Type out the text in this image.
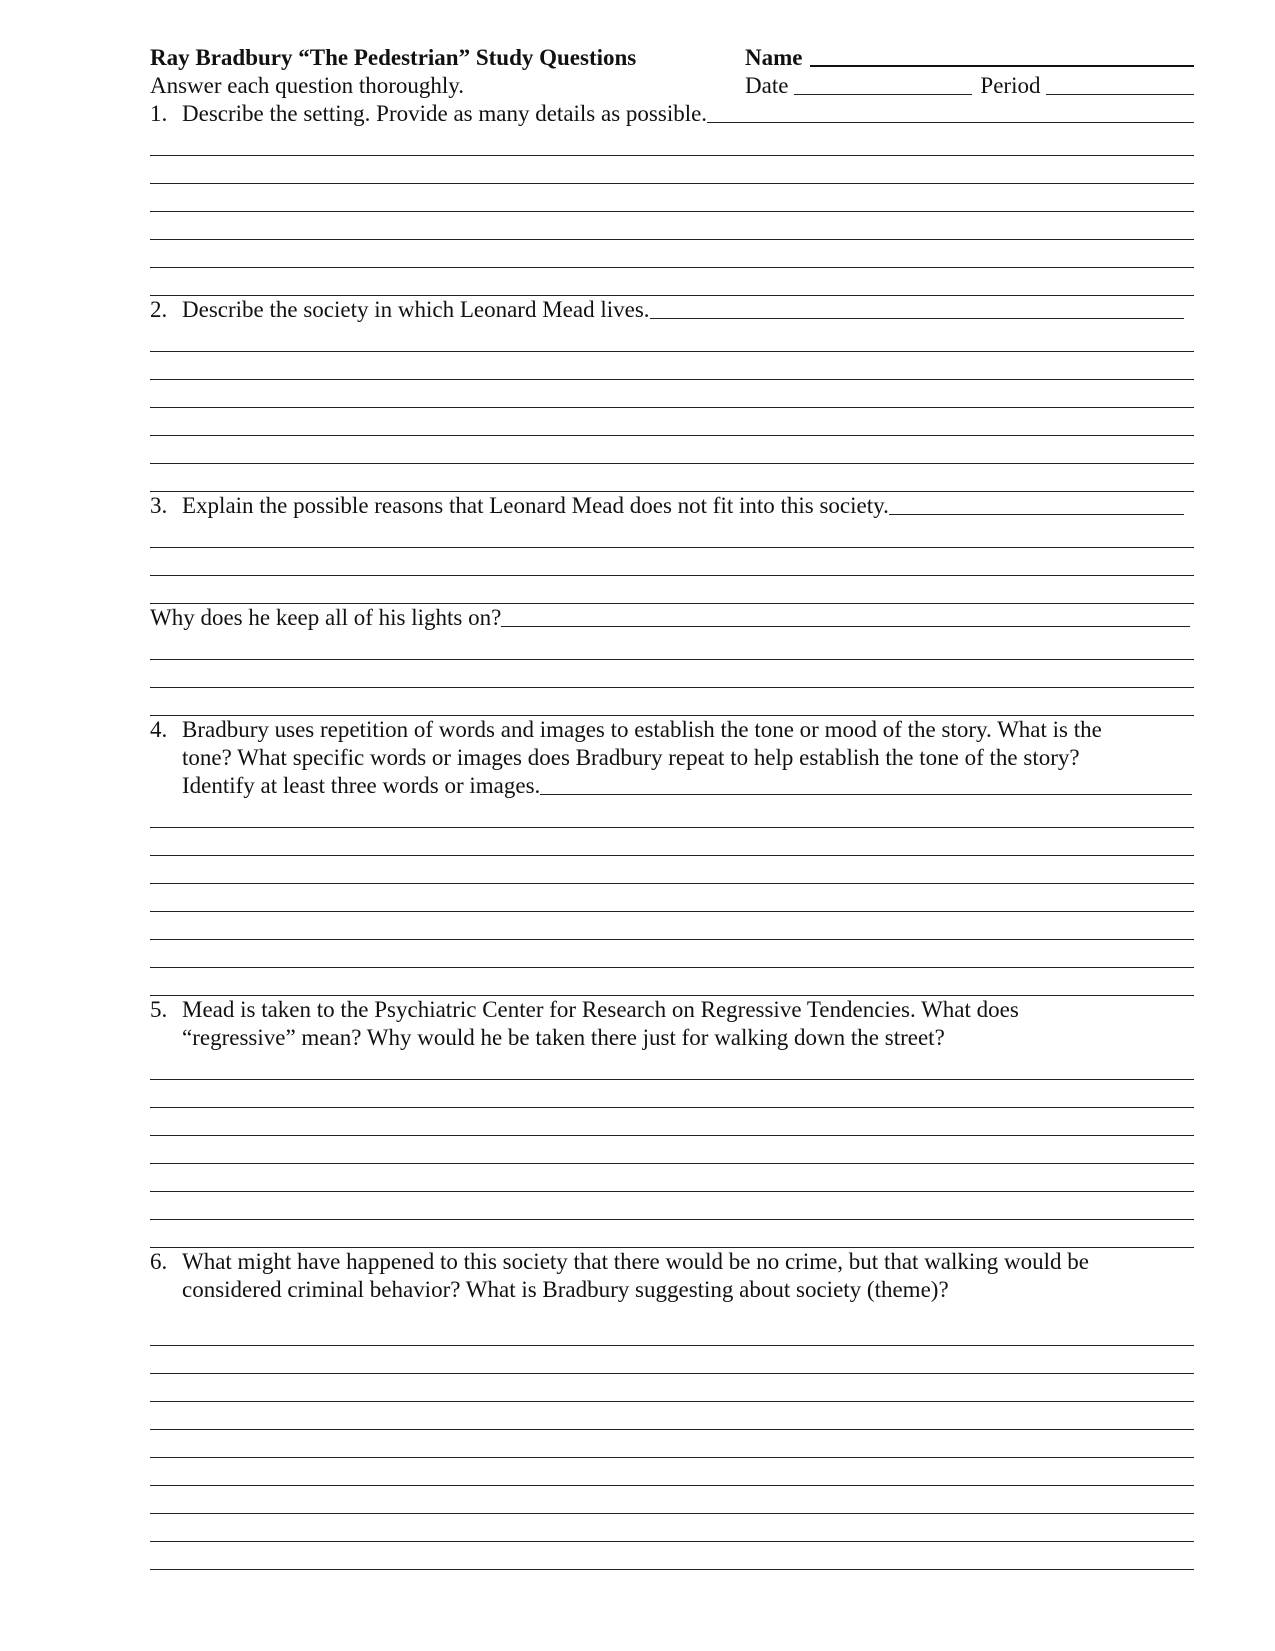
Ray Bradbury “The Pedestrian” Study Questions	Name
Answer each question thoroughly.	Date	Period
1. Describe the setting. Provide as many details as possible.
2. Describe the society in which Leonard Mead lives.
3. Explain the possible reasons that Leonard Mead does not fit into this society.
Why does he keep all of his lights on?
4. Bradbury uses repetition of words and images to establish the tone or mood of the story. What is the
tone? What specific words or images does Bradbury repeat to help establish the tone of the story?
Identify at least three words or images.
5. Mead is taken to the Psychiatric Center for Research on Regressive Tendencies. What does
“regressive” mean? Why would he be taken there just for walking down the street?
6. What might have happened to this society that there would be no crime, but that walking would be
considered criminal behavior? What is Bradbury suggesting about society (theme)?
